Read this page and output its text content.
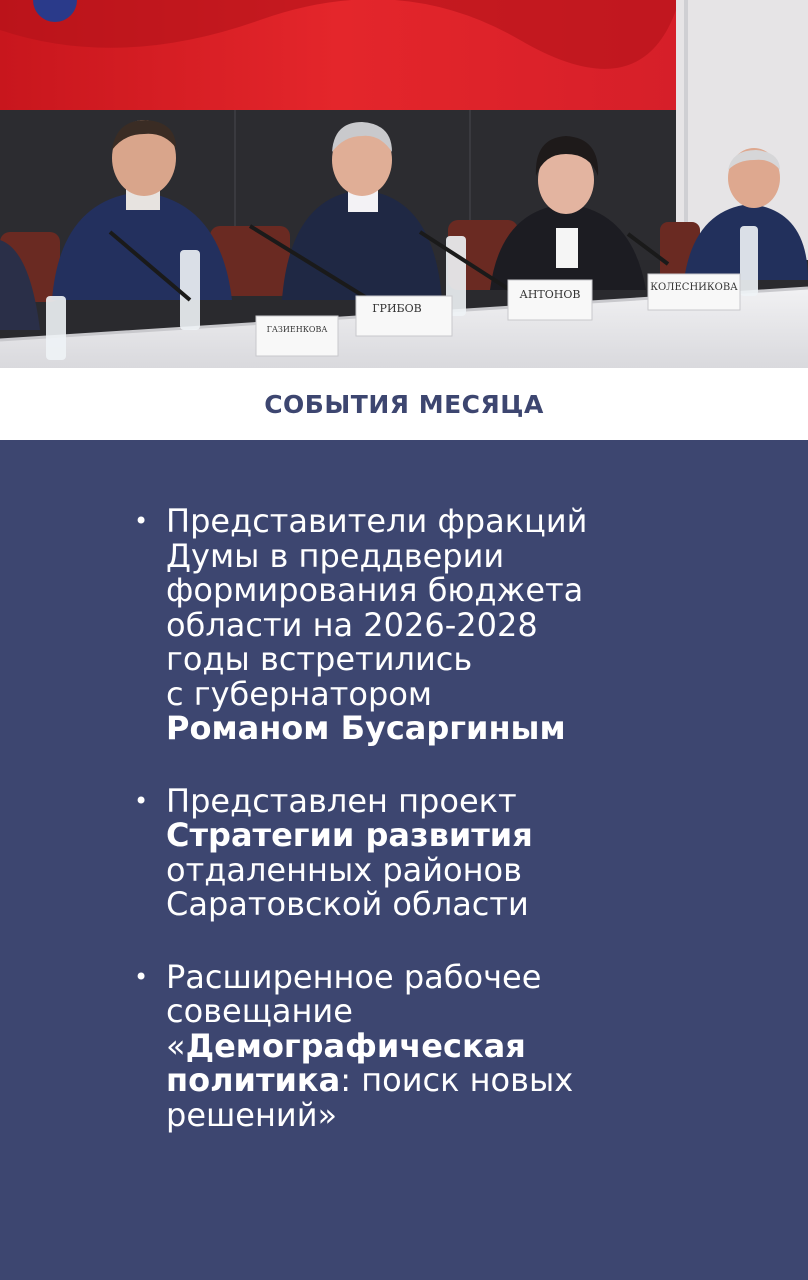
ГРИБОВ
АНТОНОВ
КОЛЕСНИКОВА
ГАЗИЕНКОВА
СОБЫТИЯ МЕСЯЦА
• Представители фракций
Думы в преддверии
формирования бюджета
области на 2026-2028
годы встретились
с губернатором
Романом Бусаргиным
• Представлен проект
Стратегии развития
отдаленных районов
Саратовской области
• Расширенное рабочее
совещание
«Демографическая
политика: поиск новых
решений»
